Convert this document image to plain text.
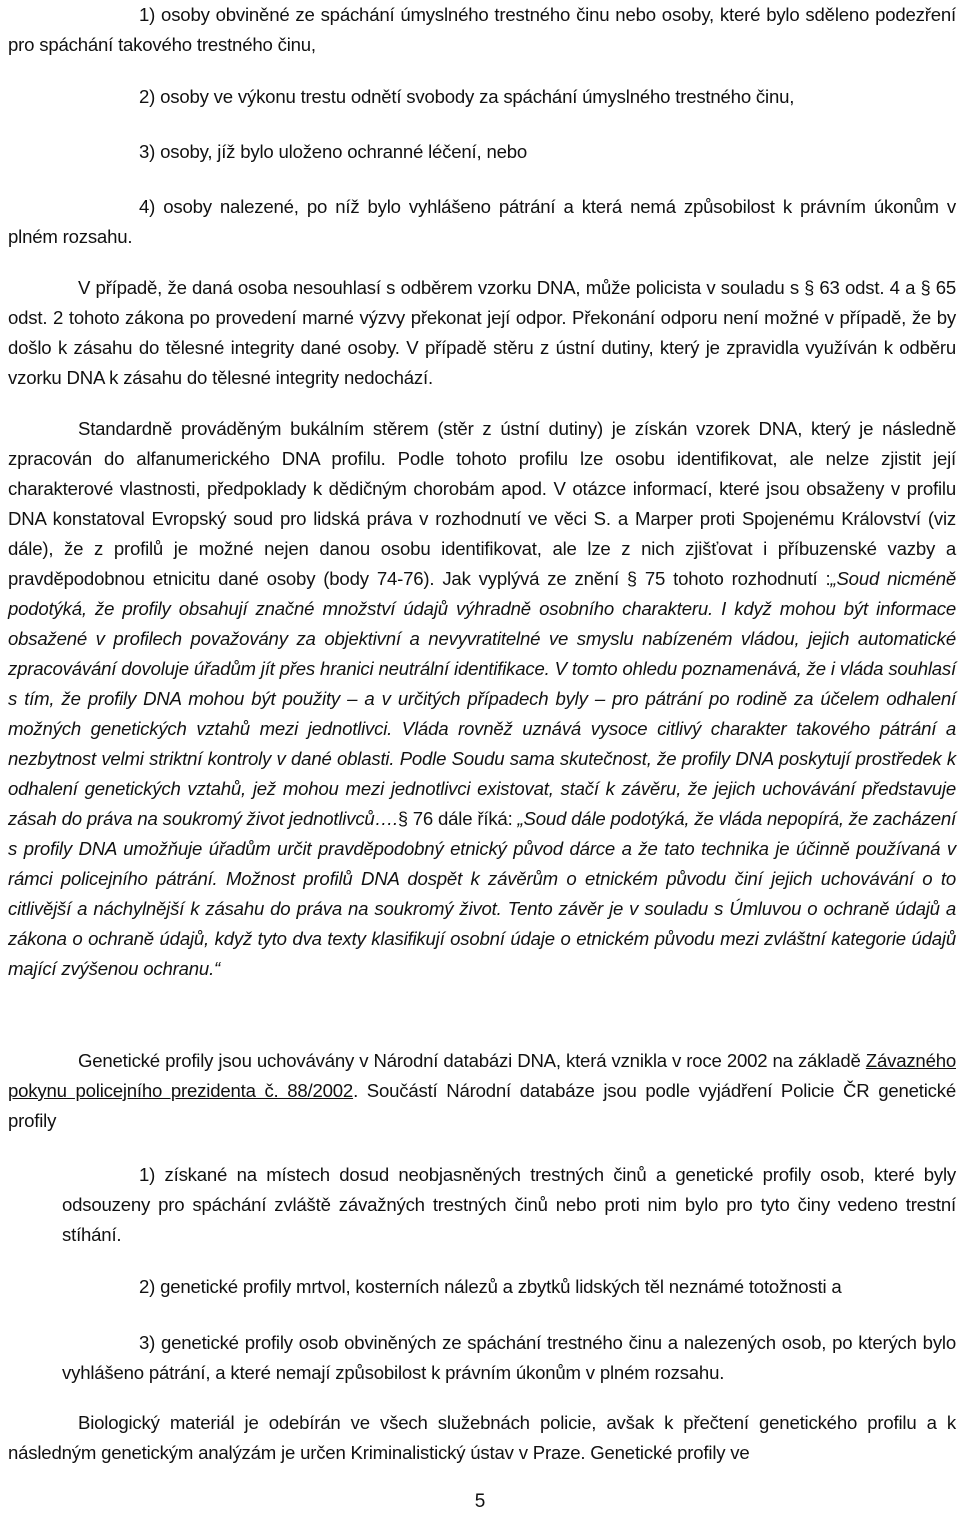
1) osoby obviněné ze spáchání úmyslného trestného činu nebo osoby, které bylo sděleno podezření pro spáchání takového trestného činu,
2) osoby ve výkonu trestu odnětí svobody za spáchání úmyslného trestného činu,
3) osoby, jíž bylo uloženo ochranné léčení, nebo
4) osoby nalezené, po níž bylo vyhlášeno pátrání a která nemá způsobilost k právním úkonům v plném rozsahu.
V případě, že daná osoba nesouhlasí s odběrem vzorku DNA, může policista v souladu s § 63 odst. 4 a § 65 odst. 2 tohoto zákona po provedení marné výzvy překonat její odpor. Překonání odporu není možné v případě, že by došlo k zásahu do tělesné integrity dané osoby. V případě stěru z ústní dutiny, který je zpravidla využíván k odběru vzorku DNA k zásahu do tělesné integrity nedochází.
Standardně prováděným bukálním stěrem (stěr z ústní dutiny) je získán vzorek DNA, který je následně zpracován do alfanumerického DNA profilu. Podle tohoto profilu lze osobu identifikovat, ale nelze zjistit její charakterové vlastnosti, předpoklady k dědičným chorobám apod. V otázce informací, které jsou obsaženy v profilu DNA konstatoval Evropský soud pro lidská práva v rozhodnutí ve věci S. a Marper proti Spojenému Království (viz dále), že z profilů je možné nejen danou osobu identifikovat, ale lze z nich zjišťovat i příbuzenské vazby a pravděpodobnou etnicitu dané osoby (body 74-76). Jak vyplývá ze znění § 75 tohoto rozhodnutí :„Soud nicméně podotýká, že profily obsahují značné množství údajů výhradně osobního charakteru. I když mohou být informace obsažené v profilech považovány za objektivní a nevyvratitelné ve smyslu nabízeném vládou, jejich automatické zpracovávání dovoluje úřadům jít přes hranici neutrální identifikace. V tomto ohledu poznamenává, že i vláda souhlasí s tím, že profily DNA mohou být použity – a v určitých případech byly – pro pátrání po rodině za účelem odhalení možných genetických vztahů mezi jednotlivci. Vláda rovněž uznává vysoce citlivý charakter takového pátrání a nezbytnost velmi striktní kontroly v dané oblasti. Podle Soudu sama skutečnost, že profily DNA poskytují prostředek k odhalení genetických vztahů, jež mohou mezi jednotlivci existovat, stačí k závěru, že jejich uchovávání představuje zásah do práva na soukromý život jednotlivců….§ 76 dále říká: „Soud dále podotýká, že vláda nepopírá, že zacházení s profily DNA umožňuje úřadům určit pravděpodobný etnický původ dárce a že tato technika je účinně používaná v rámci policejního pátrání. Možnost profilů DNA dospět k závěrům o etnickém původu činí jejich uchovávání o to citlivější a náchylnější k zásahu do práva na soukromý život. Tento závěr je v souladu s Úmluvou o ochraně údajů a zákona o ochraně údajů, když tyto dva texty klasifikují osobní údaje o etnickém původu mezi zvláštní kategorie údajů mající zvýšenou ochranu.“
Genetické profily jsou uchovávány v Národní databázi DNA, která vznikla v roce 2002 na základě Závazného pokynu policejního prezidenta č. 88/2002. Součástí Národní databáze jsou podle vyjádření Policie ČR genetické profily
1) získané na místech dosud neobjasněných trestných činů a genetické profily osob, které byly odsouzeny pro spáchání zvláště závažných trestných činů nebo proti nim bylo pro tyto činy vedeno trestní stíhání.
2) genetické profily mrtvol, kosterních nálezů a zbytků lidských těl neznámé totožnosti a
3) genetické profily osob obviněných ze spáchání trestného činu a nalezených osob, po kterých bylo vyhlášeno pátrání, a které nemají způsobilost k právním úkonům v plném rozsahu.
Biologický materiál je odebírán ve všech služebnách policie, avšak k přečtení genetického profilu a k následným genetickým analýzám je určen Kriminalistický ústav v Praze. Genetické profily ve
5
